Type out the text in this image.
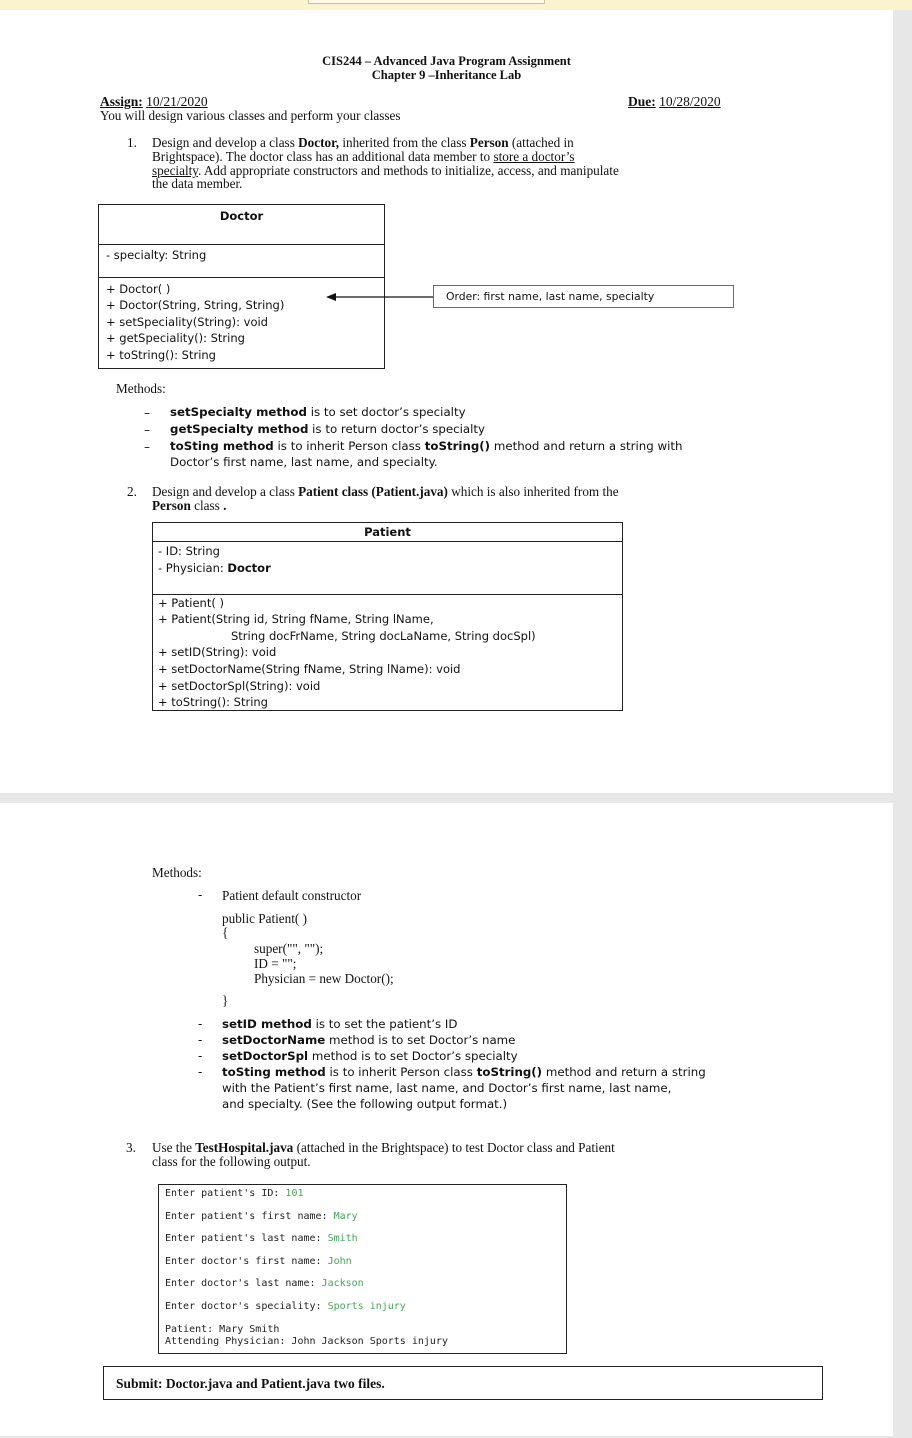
CIS244 – Advanced Java Program Assignment
Chapter 9 –Inheritance Lab
Assign: 10/21/2020	Due: 10/28/2020
You will design various classes and perform your classes
1. Design and develop a class Doctor, inherited from the class Person (attached in
Brightspace). The doctor class has an additional data member to store a doctor’s
specialty. Add appropriate constructors and methods to initialize, access, and manipulate
the data member.
Doctor
- specialty: String
+ Doctor( )
+ Doctor(String, String, String)
+ setSpeciality(String): void
+ getSpeciality(): String
+ toString(): String
Order: first name, last name, specialty
Methods:
– setSpecialty method is to set doctor’s specialty
– getSpecialty method is to return doctor’s specialty
– toSting method is to inherit Person class toString() method and return a string with
Doctor’s first name, last name, and specialty.
2. Design and develop a class Patient class (Patient.java) which is also inherited from the
Person class .
Patient
- ID: String
- Physician: Doctor
+ Patient( )
+ Patient(String id, String fName, String lName,
String docFrName, String docLaName, String docSpl)
+ setID(String): void
+ setDoctorName(String fName, String lName): void
+ setDoctorSpl(String): void
+ toString(): String
Methods:
- Patient default constructor
public Patient( )
{
super("", "");
ID = "";
Physician = new Doctor();
}
- setID method is to set the patient’s ID
- setDoctorName method is to set Doctor’s name
- setDoctorSpl method is to set Doctor’s specialty
- toSting method is to inherit Person class toString() method and return a string
with the Patient’s first name, last name, and Doctor’s first name, last name,
and specialty. (See the following output format.)
3. Use the TestHospital.java (attached in the Brightspace) to test Doctor class and Patient
class for the following output.
Enter patient's ID: 101
Enter patient's first name: Mary
Enter patient's last name: Smith
Enter doctor's first name: John
Enter doctor's last name: Jackson
Enter doctor's speciality: Sports injury
Patient: Mary Smith
Attending Physician: John Jackson Sports injury
Submit: Doctor.java and Patient.java two files.
